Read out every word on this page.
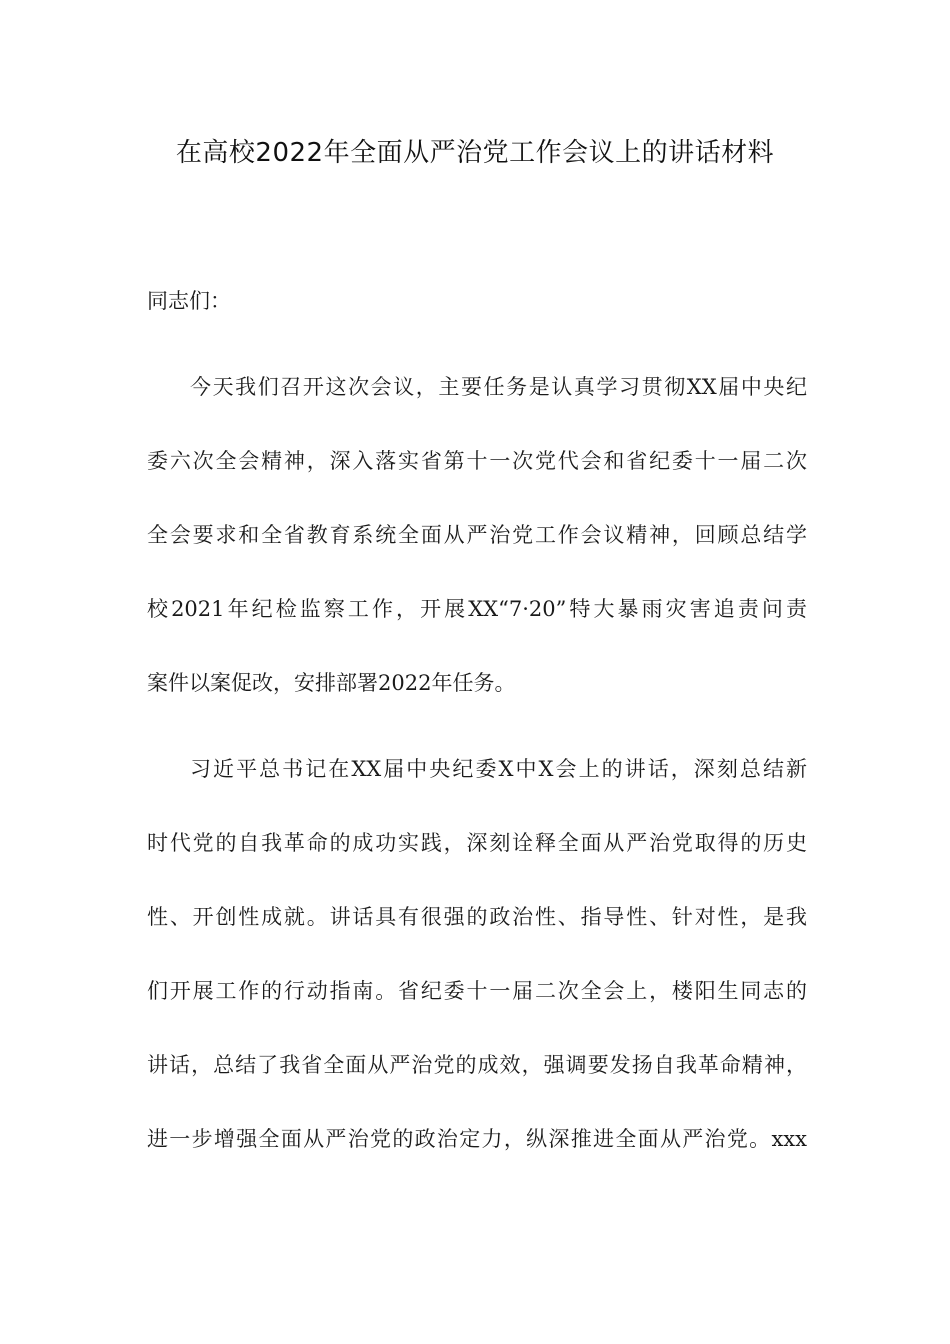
在高校2022年全面从严治党工作会议上的讲话材料
同志们：
今天我们召开这次会议，主要任务是认真学习贯彻XX届中央纪
委六次全会精神，深入落实省第十一次党代会和省纪委十一届二次
全会要求和全省教育系统全面从严治党工作会议精神，回顾总结学
校2021年纪检监察工作，开展XX“7·20”特大暴雨灾害追责问责
案件以案促改，安排部署2022年任务。
习近平总书记在XX届中央纪委X中X会上的讲话，深刻总结新
时代党的自我革命的成功实践，深刻诠释全面从严治党取得的历史
性、开创性成就。讲话具有很强的政治性、指导性、针对性，是我
们开展工作的行动指南。省纪委十一届二次全会上，楼阳生同志的
讲话，总结了我省全面从严治党的成效，强调要发扬自我革命精神，
进一步增强全面从严治党的政治定力，纵深推进全面从严治党。xxx
